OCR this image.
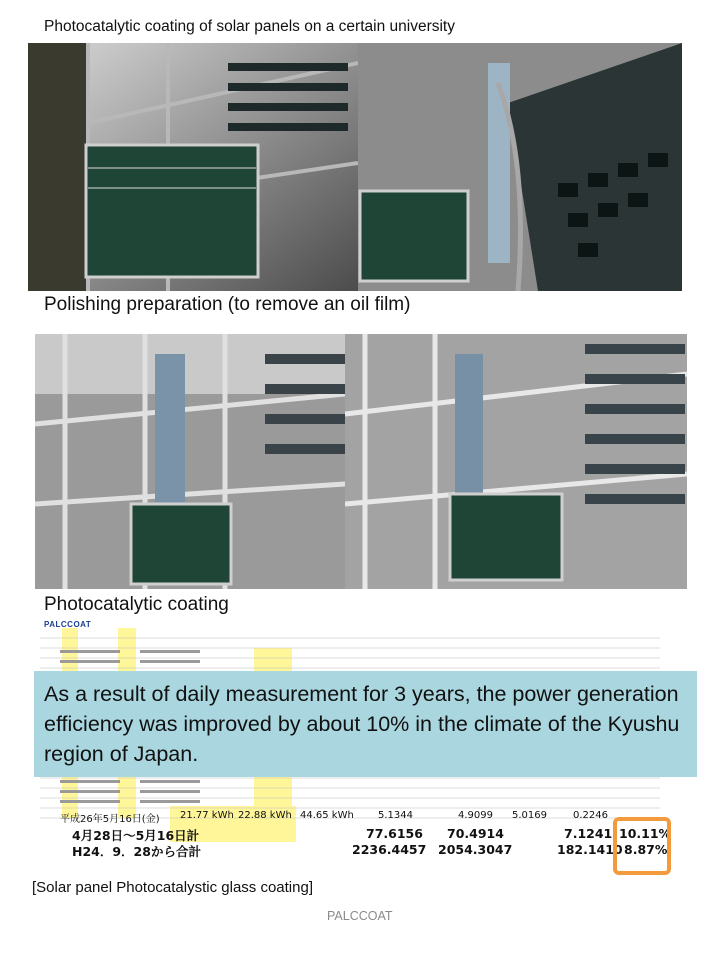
Photocatalytic coating of solar panels on a certain university
Polishing preparation (to remove an oil film)
Photocatalytic coating
PALCCOAT
平成26年5月16日(金) 21.77 kWh 22.88 kWh 44.65 kWh 5.1344	4.9099 5.0169	0.2246
4月28日～5月16日計	77.6156 70.4914	7.1241 10.11%
H24．9．28から合計	2236.4457 2054.3047	182.1410 8.87%
As a result of daily measurement for 3 years, the power generation efficiency was improved by about 10% in the climate of the Kyushu region of Japan.
[Solar panel Photocatalystic glass coating]
PALCCOAT
